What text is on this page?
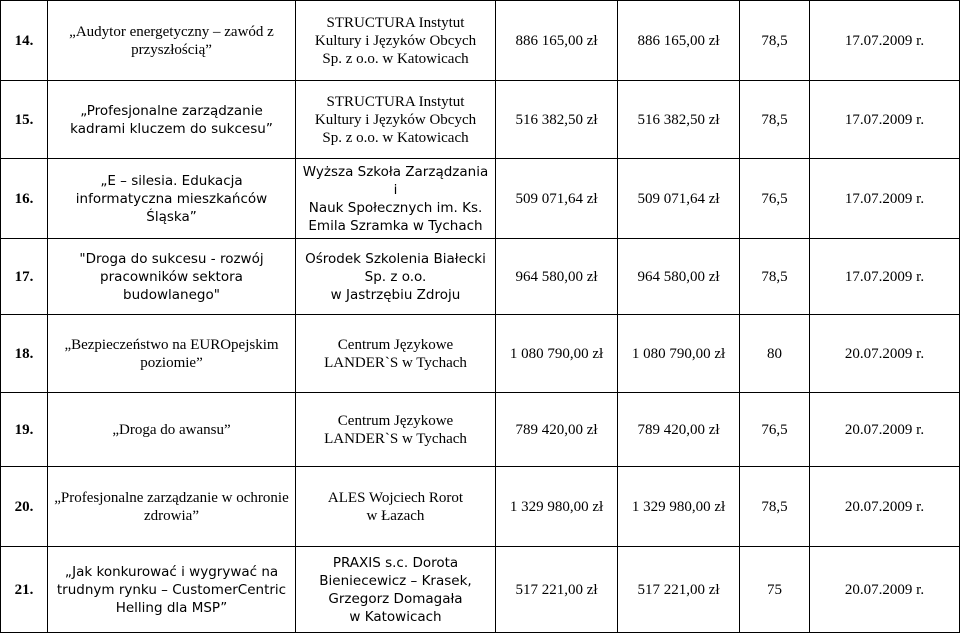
14.	„Audytor energetyczny – zawód z przyszłością”	STRUCTURA Instytut
Kultury i Języków Obcych
Sp. z o.o. w Katowicach	886 165,00 zł	886 165,00 zł	78,5	17.07.2009 r.
15.	„Profesjonalne zarządzanie kadrami kluczem do sukcesu”	STRUCTURA Instytut
Kultury i Języków Obcych
Sp. z o.o. w Katowicach	516 382,50 zł	516 382,50 zł	78,5	17.07.2009 r.
16.	„E – silesia. Edukacja informatyczna mieszkańców Śląska”	Wyższa Szkoła Zarządzania i
Nauk Społecznych im. Ks.
Emila Szramka w Tychach	509 071,64 zł	509 071,64 zł	76,5	17.07.2009 r.
17.	"Droga do sukcesu - rozwój pracowników sektora budowlanego"	Ośrodek Szkolenia Białecki
Sp. z o.o.
w Jastrzębiu Zdroju	964 580,00 zł	964 580,00 zł	78,5	17.07.2009 r.
18.	„Bezpieczeństwo na EUROpejskim poziomie”	Centrum Językowe
LANDER`S w Tychach	1 080 790,00 zł	1 080 790,00 zł	80	20.07.2009 r.
19.	„Droga do awansu”	Centrum Językowe
LANDER`S w Tychach	789 420,00 zł	789 420,00 zł	76,5	20.07.2009 r.
20.	„Profesjonalne zarządzanie w ochronie zdrowia”	ALES Wojciech Rorot
w Łazach	1 329 980,00 zł	1 329 980,00 zł	78,5	20.07.2009 r.
21.	„Jak konkurować i wygrywać na trudnym rynku – CustomerCentric Helling dla MSP”	PRAXIS s.c. Dorota
Bieniecewicz – Krasek,
Grzegorz Domagała
w Katowicach	517 221,00 zł	517 221,00 zł	75	20.07.2009 r.
